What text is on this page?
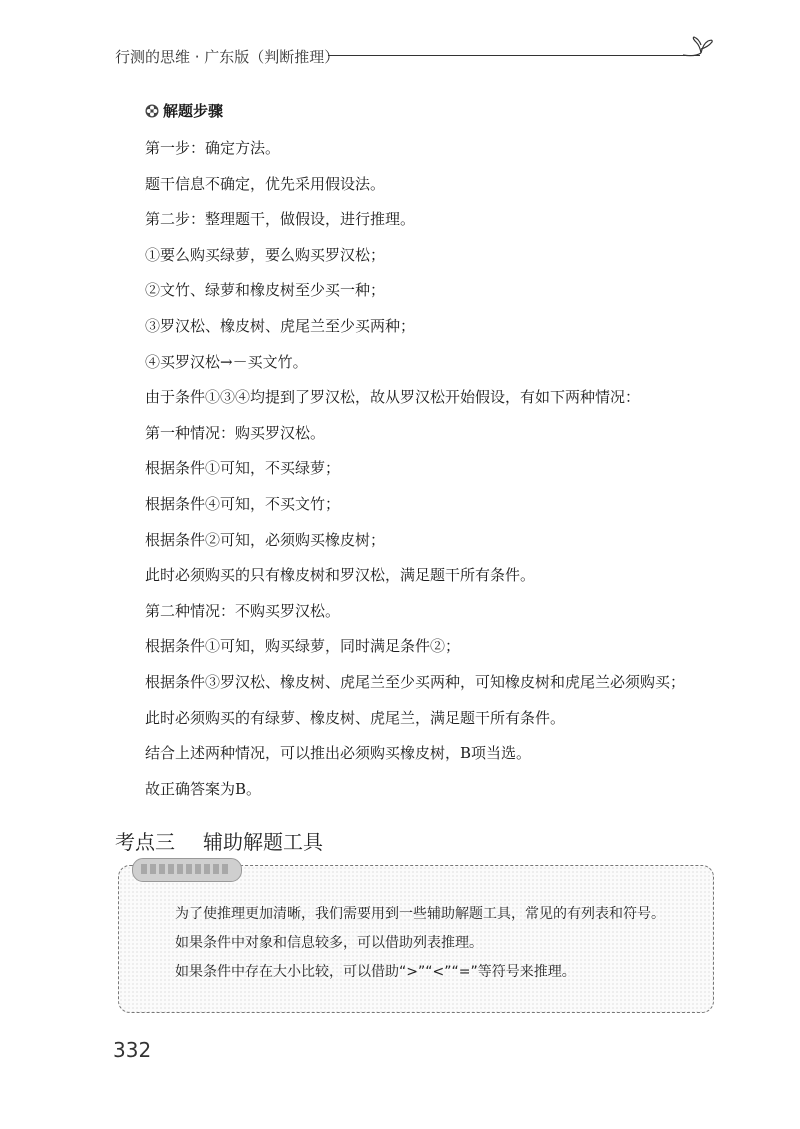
行测的思维 · 广东版（判断推理）
解题步骤
第一步：确定方法。
题干信息不确定，优先采用假设法。
第二步：整理题干，做假设，进行推理。
①要么购买绿萝，要么购买罗汉松；
②文竹、绿萝和橡皮树至少买一种；
③罗汉松、橡皮树、虎尾兰至少买两种；
④买罗汉松→－买文竹。
由于条件①③④均提到了罗汉松，故从罗汉松开始假设，有如下两种情况：
第一种情况：购买罗汉松。
根据条件①可知，不买绿萝；
根据条件④可知，不买文竹；
根据条件②可知，必须购买橡皮树；
此时必须购买的只有橡皮树和罗汉松，满足题干所有条件。
第二种情况：不购买罗汉松。
根据条件①可知，购买绿萝，同时满足条件②；
根据条件③罗汉松、橡皮树、虎尾兰至少买两种，可知橡皮树和虎尾兰必须购买；
此时必须购买的有绿萝、橡皮树、虎尾兰，满足题干所有条件。
结合上述两种情况，可以推出必须购买橡皮树，B项当选。
故正确答案为B。
考点三 辅助解题工具
为了使推理更加清晰，我们需要用到一些辅助解题工具，常见的有列表和符号。
如果条件中对象和信息较多，可以借助列表推理。
如果条件中存在大小比较，可以借助“>”“<”“=”等符号来推理。
332
